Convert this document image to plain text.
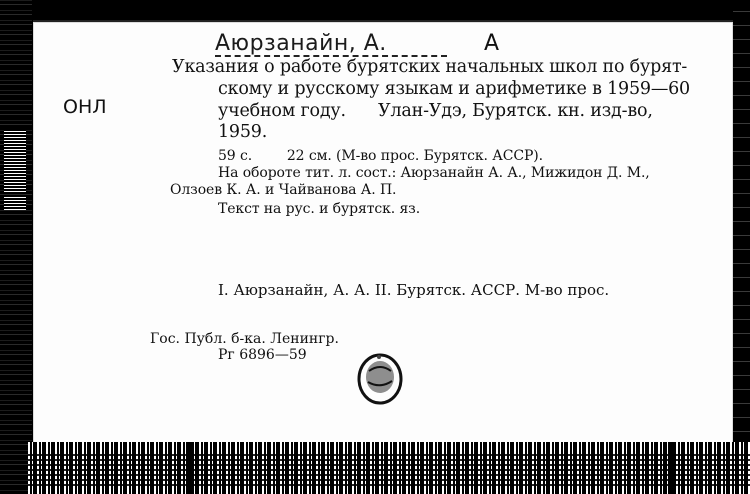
Аюрзанайн, А.	А
ОНЛ
Указания о работе бурятских начальных школ по бурят-
скому и русскому языкам и арифметике в 1959—60
учебном году.      Улан-Удэ, Бурятск. кн. изд-во,
1959.
59 с.        22 см. (М-во прос. Бурятск. АССР).
На обороте тит. л. сост.: Аюрзанайн А. А., Мижидон Д. М.,
Олзоев К. А. и Чайванова А. П.
Текст на рус. и бурятск. яз.
I. Аюрзанайн, А. А. II. Бурятск. АССР. М-во прос.
Гос. Публ. б-ка. Ленингр.
Рг 6896—59
